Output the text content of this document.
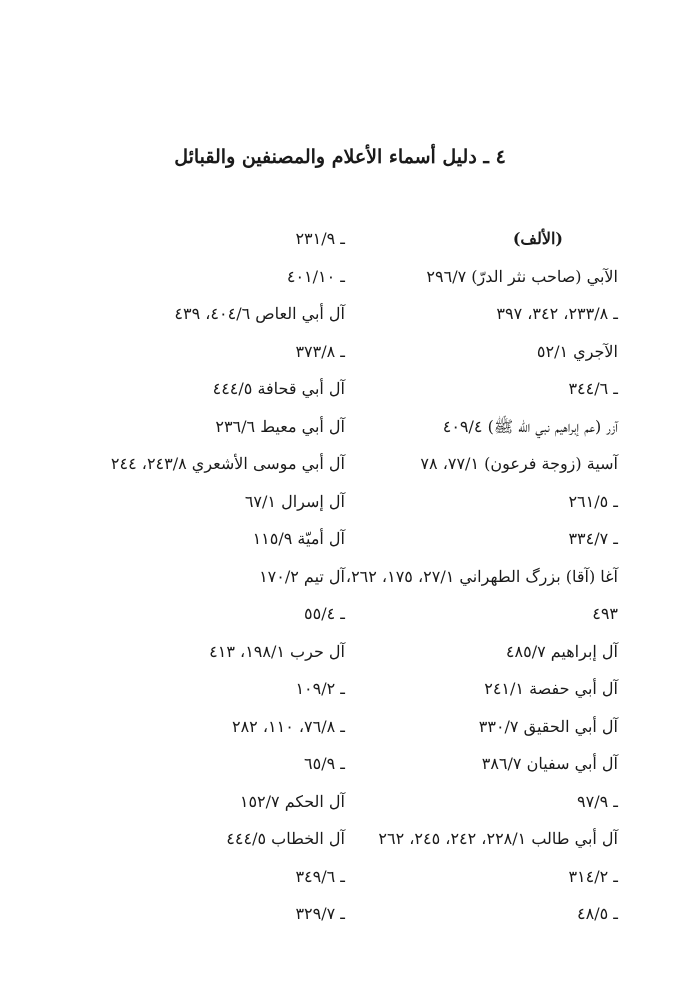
٤ ـ دليل أسماء الأعلام والمصنفين والقبائل
(الألف)
الآبي (صاحب نثر الدرّ) ٢٩٦/٧
ـ ٢٣٣/٨، ٣٤٢، ٣٩٧
الآجري ٥٢/١
ـ ٣٤٤/٦
آزر (عم إبراهيم نبي الله ﷺ) ٤٠٩/٤
آسية (زوجة فرعون) ٧٧/١، ٧٨
ـ ٢٦١/٥
ـ ٣٣٤/٧
آغا (آقا) بزرگ الطهراني ٢٧/١، ١٧٥، ٢٦٢،
٤٩٣
آل إبراهيم ٤٨٥/٧
آل أبي حفصة ٢٤١/١
آل أبي الحقيق ٣٣٠/٧
آل أبي سفيان ٣٨٦/٧
ـ ٩٧/٩
آل أبي طالب ٢٢٨/١، ٢٤٢، ٢٤٥، ٢٦٢
ـ ٣١٤/٢
ـ ٤٨/٥
ـ ٢٣١/٩
ـ ٤٠١/١٠
آل أبي العاص ٤٠٤/٦، ٤٣٩
ـ ٣٧٣/٨
آل أبي قحافة ٤٤٤/٥
آل أبي معيط ٢٣٦/٦
آل أبي موسى الأشعري ٢٤٣/٨، ٢٤٤
آل إسرال ٦٧/١
آل أميّة ١١٥/٩
آل تيم ١٧٠/٢
ـ ٥٥/٤
آل حرب ١٩٨/١، ٤١٣
ـ ١٠٩/٢
ـ ٧٦/٨، ١١٠، ٢٨٢
ـ ٦٥/٩
آل الحكم ١٥٢/٧
آل الخطاب ٤٤٤/٥
ـ ٣٤٩/٦
ـ ٣٢٩/٧
